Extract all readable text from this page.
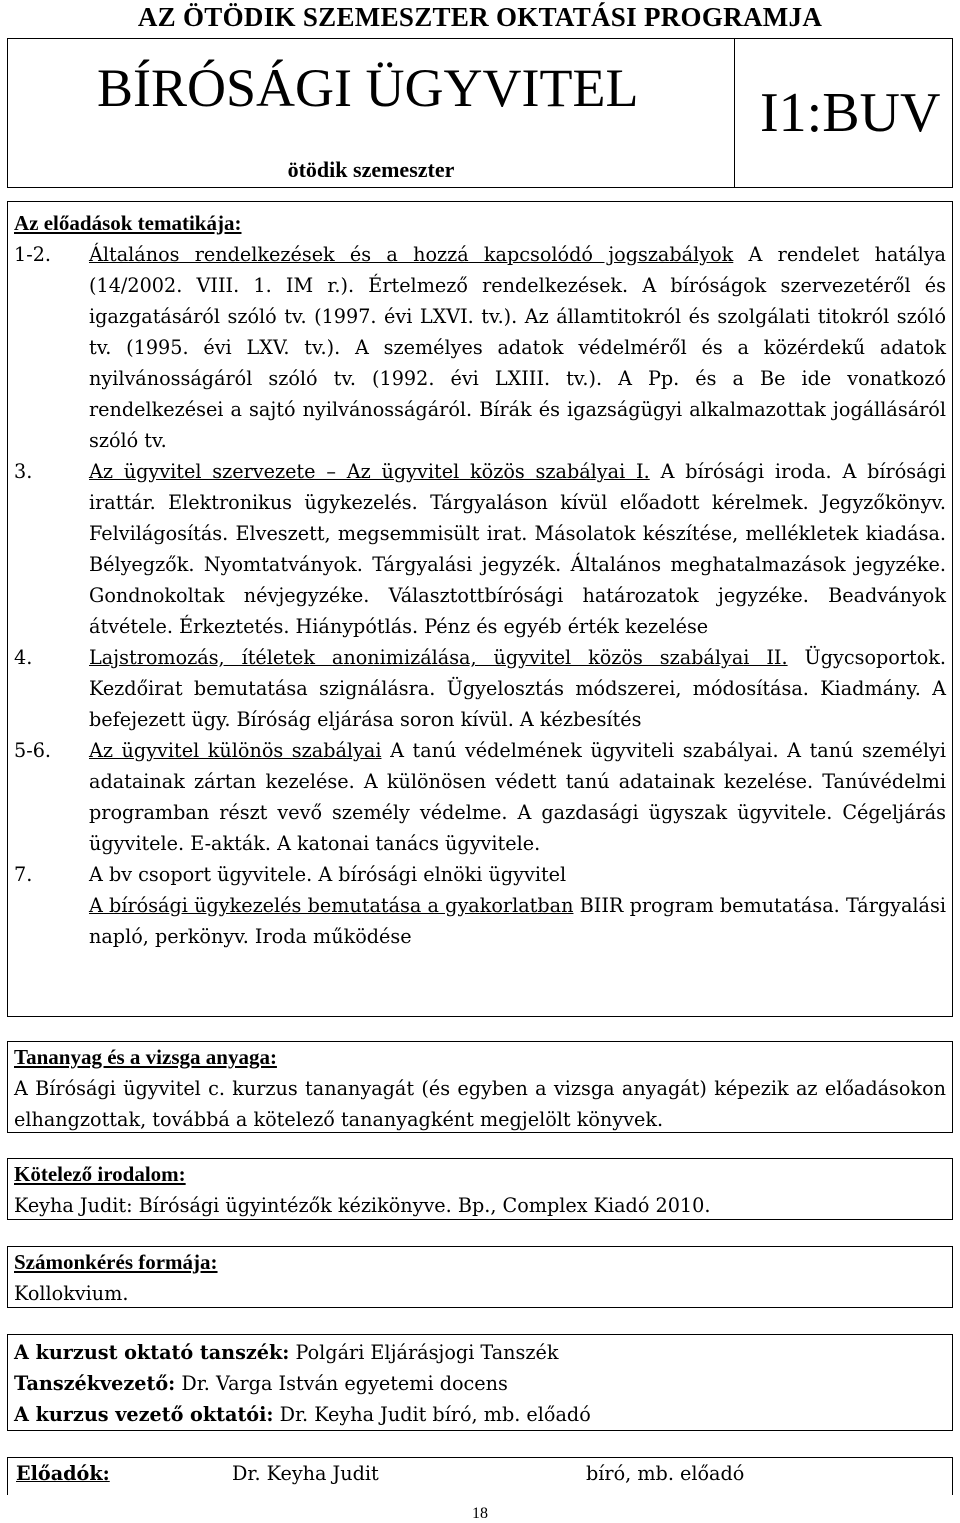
AZ ÖTÖDIK SZEMESZTER OKTATÁSI PROGRAMJA
BÍRÓSÁGI ÜGYVITEL
ötödik szemeszter
I1:BUV
Az előadások tematikája:
1-2.	Általános rendelkezések és a hozzá kapcsolódó jogszabályok A rendelet hatálya (14/2002. VIII. 1. IM r.). Értelmező rendelkezések. A bíróságok szervezetéről és igazgatásáról szóló tv. (1997. évi LXVI. tv.). Az államtitokról és szolgálati titokról szóló tv. (1995. évi LXV. tv.). A személyes adatok védelméről és a közérdekű adatok nyilvánosságáról szóló tv. (1992. évi LXIII. tv.). A Pp. és a Be ide vonatkozó rendelkezései a sajtó nyilvánosságáról. Bírák és igazságügyi alkalmazottak jogállásáról szóló tv.
3.	Az ügyvitel szervezete – Az ügyvitel közös szabályai I. A bírósági iroda. A bírósági irattár. Elektronikus ügykezelés. Tárgyaláson kívül előadott kérelmek. Jegyzőkönyv. Felvilágosítás. Elveszett, megsemmisült irat. Másolatok készítése, mellékletek kiadása. Bélyegzők. Nyomtatványok. Tárgyalási jegyzék. Általános meghatalmazások jegyzéke. Gondnokoltak névjegyzéke. Választottbírósági határozatok jegyzéke. Beadványok átvétele. Érkeztetés. Hiánypótlás. Pénz és egyéb érték kezelése
4.	Lajstromozás, ítéletek anonimizálása, ügyvitel közös szabályai II. Ügycsoportok. Kezdőirat bemutatása szignálásra. Ügyelosztás módszerei, módosítása. Kiadmány. A befejezett ügy. Bíróság eljárása soron kívül. A kézbesítés
5-6.	Az ügyvitel különös szabályai A tanú védelmének ügyviteli szabályai. A tanú személyi adatainak zártan kezelése. A különösen védett tanú adatainak kezelése. Tanúvédelmi programban részt vevő személy védelme. A gazdasági ügyszak ügyvitele. Cégeljárás ügyvitele. E-akták. A katonai tanács ügyvitele.
7.	A bv csoport ügyvitele. A bírósági elnöki ügyvitel
A bírósági ügykezelés bemutatása a gyakorlatban BIIR program bemutatása. Tárgyalási napló, perkönyv. Iroda működése
Tananyag és a vizsga anyaga:
A Bírósági ügyvitel c. kurzus tananyagát (és egyben a vizsga anyagát) képezik az előadásokon elhangzottak, továbbá a kötelező tananyagként megjelölt könyvek.
Kötelező irodalom:
Keyha Judit: Bírósági ügyintézők kézikönyve. Bp., Complex Kiadó 2010.
Számonkérés formája:
Kollokvium.
A kurzust oktató tanszék: Polgári Eljárásjogi Tanszék
Tanszékvezető: Dr. Varga István egyetemi docens
A kurzus vezető oktatói: Dr. Keyha Judit bíró, mb. előadó
Előadók:	Dr. Keyha Judit	bíró, mb. előadó
18
